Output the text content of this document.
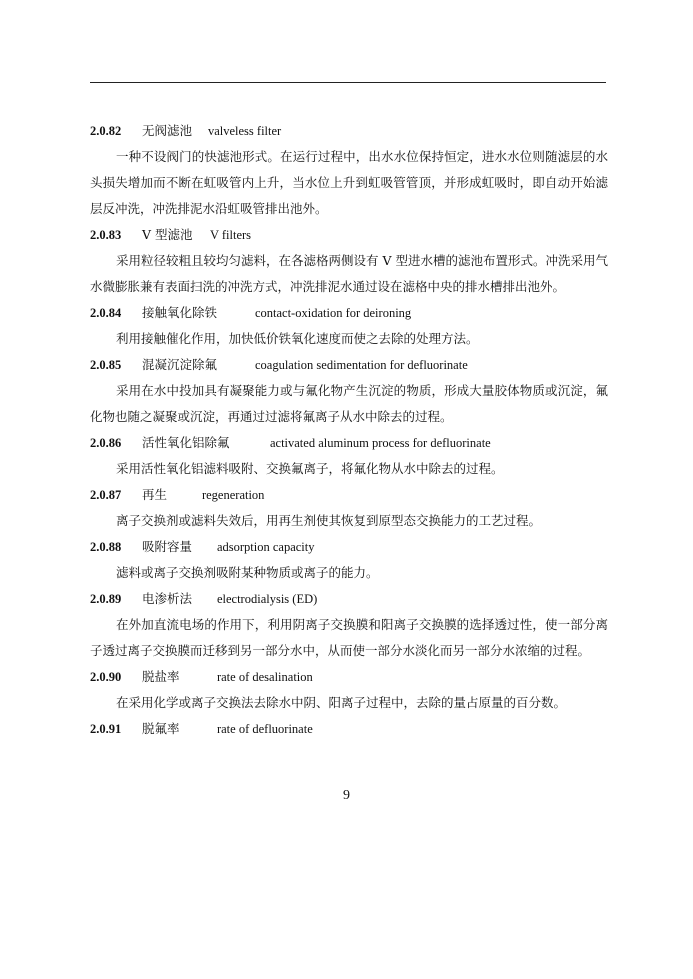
2.0.82 无阀滤池 valveless filter

一种不设阀门的快滤池形式。在运行过程中，出水水位保持恒定，进水水位则随滤层的水头损失增加而不断在虹吸管内上升，当水位上升到虹吸管管顶，并形成虹吸时，即自动开始滤层反冲洗，冲洗排泥水沿虹吸管排出池外。

2.0.83 V 型滤池 V filters

采用粒径较粗且较均匀滤料，在各滤格两侧设有 V 型进水槽的滤池布置形式。冲洗采用气水微膨胀兼有表面扫洗的冲洗方式，冲洗排泥水通过设在滤格中央的排水槽排出池外。

2.0.84 接触氧化除铁	contact-oxidation for deironing

利用接触催化作用，加快低价铁氧化速度而使之去除的处理方法。

2.0.85 混凝沉淀除氟	coagulation sedimentation for defluorinate

采用在水中投加具有凝聚能力或与氟化物产生沉淀的物质，形成大量胶体物质或沉淀，氟化物也随之凝聚或沉淀，再通过过滤将氟离子从水中除去的过程。

2.0.86 活性氧化铝除氟	activated aluminum process for defluorinate

采用活性氧化铝滤料吸附、交换氟离子，将氟化物从水中除去的过程。

2.0.87 再生	regeneration

离子交换剂或滤料失效后，用再生剂使其恢复到原型态交换能力的工艺过程。

2.0.88 吸附容量 adsorption capacity

滤料或离子交换剂吸附某种物质或离子的能力。

2.0.89 电渗析法 electrodialysis (ED)

在外加直流电场的作用下，利用阴离子交换膜和阳离子交换膜的选择透过性，使一部分离子透过离子交换膜而迁移到另一部分水中，从而使一部分水淡化而另一部分水浓缩的过程。

2.0.90 脱盐率	rate of desalination

在采用化学或离子交换法去除水中阴、阳离子过程中，去除的量占原量的百分数。

2.0.91 脱氟率	rate of defluorinate
9
